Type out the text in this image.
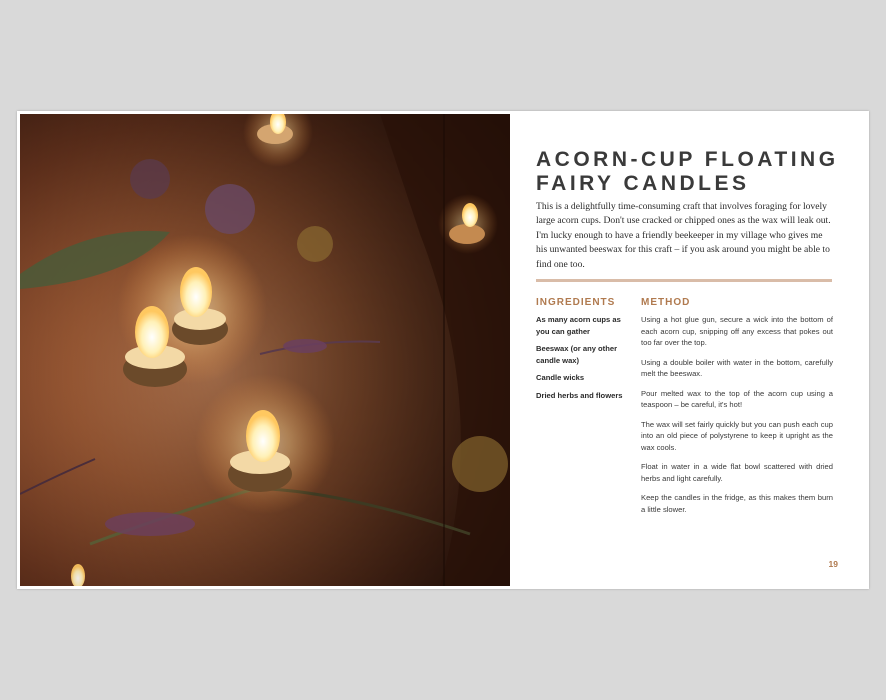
ACORN-CUP FLOATING FAIRY CANDLES

This is a delightfully time-consuming craft that involves foraging for lovely large acorn cups. Don't use cracked or chipped ones as the wax will leak out. I'm lucky enough to have a friendly beekeeper in my village who gives me his unwanted beeswax for this craft – if you ask around you might be able to find one too.

INGREDIENTS
As many acorn cups as you can gather
Beeswax (or any other candle wax)
Candle wicks
Dried herbs and flowers
METHOD
Using a hot glue gun, secure a wick into the bottom of each acorn cup, snipping off any excess that pokes out too far over the top.
Using a double boiler with water in the bottom, carefully melt the beeswax.
Pour melted wax to the top of the acorn cup using a teaspoon – be careful, it's hot!
The wax will set fairly quickly but you can push each cup into an old piece of polystyrene to keep it upright as the wax cools.
Float in water in a wide flat bowl scattered with dried herbs and light carefully.
Keep the candles in the fridge, as this makes them burn a little slower.
19
